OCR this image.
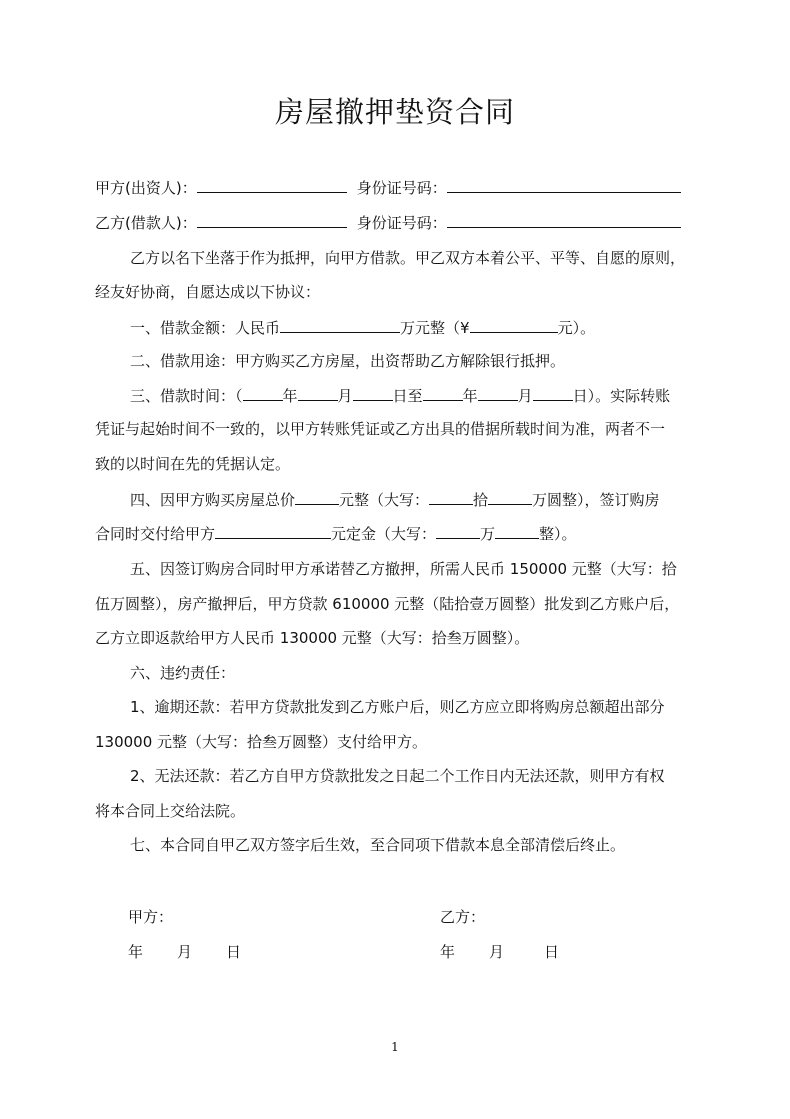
房屋撤押垫资合同
甲方(出资人)：	身份证号码：
乙方(借款人)：	身份证号码：
乙方以名下坐落于作为抵押，向甲方借款。甲乙双方本着公平、平等、自愿的原则，
经友好协商，自愿达成以下协议：
一、借款金额：人民币	万元整（¥	元）。
二、借款用途：甲方购买乙方房屋，出资帮助乙方解除银行抵押。
三、借款时间：（	年	月	日至	年	月	日）。实际转账
凭证与起始时间不一致的，以甲方转账凭证或乙方出具的借据所载时间为准，两者不一
致的以时间在先的凭据认定。
四、因甲方购买房屋总价	元整（大写：	拾	万圆整），签订购房
合同时交付给甲方	元定金（大写：	万	整）。
五、因签订购房合同时甲方承诺替乙方撤押，所需人民币 150000 元整（大写：拾
伍万圆整），房产撤押后，甲方贷款 610000 元整（陆拾壹万圆整）批发到乙方账户后，
乙方立即返款给甲方人民币 130000 元整（大写：拾叁万圆整）。
六、违约责任：
1、逾期还款：若甲方贷款批发到乙方账户后，则乙方应立即将购房总额超出部分
130000 元整（大写：拾叁万圆整）支付给甲方。
2、无法还款：若乙方自甲方贷款批发之日起二个工作日内无法还款，则甲方有权
将本合同上交给法院。
七、本合同自甲乙双方签字后生效，至合同项下借款本息全部清偿后终止。
甲方：	乙方：
年 月 日	年 月	日
1
